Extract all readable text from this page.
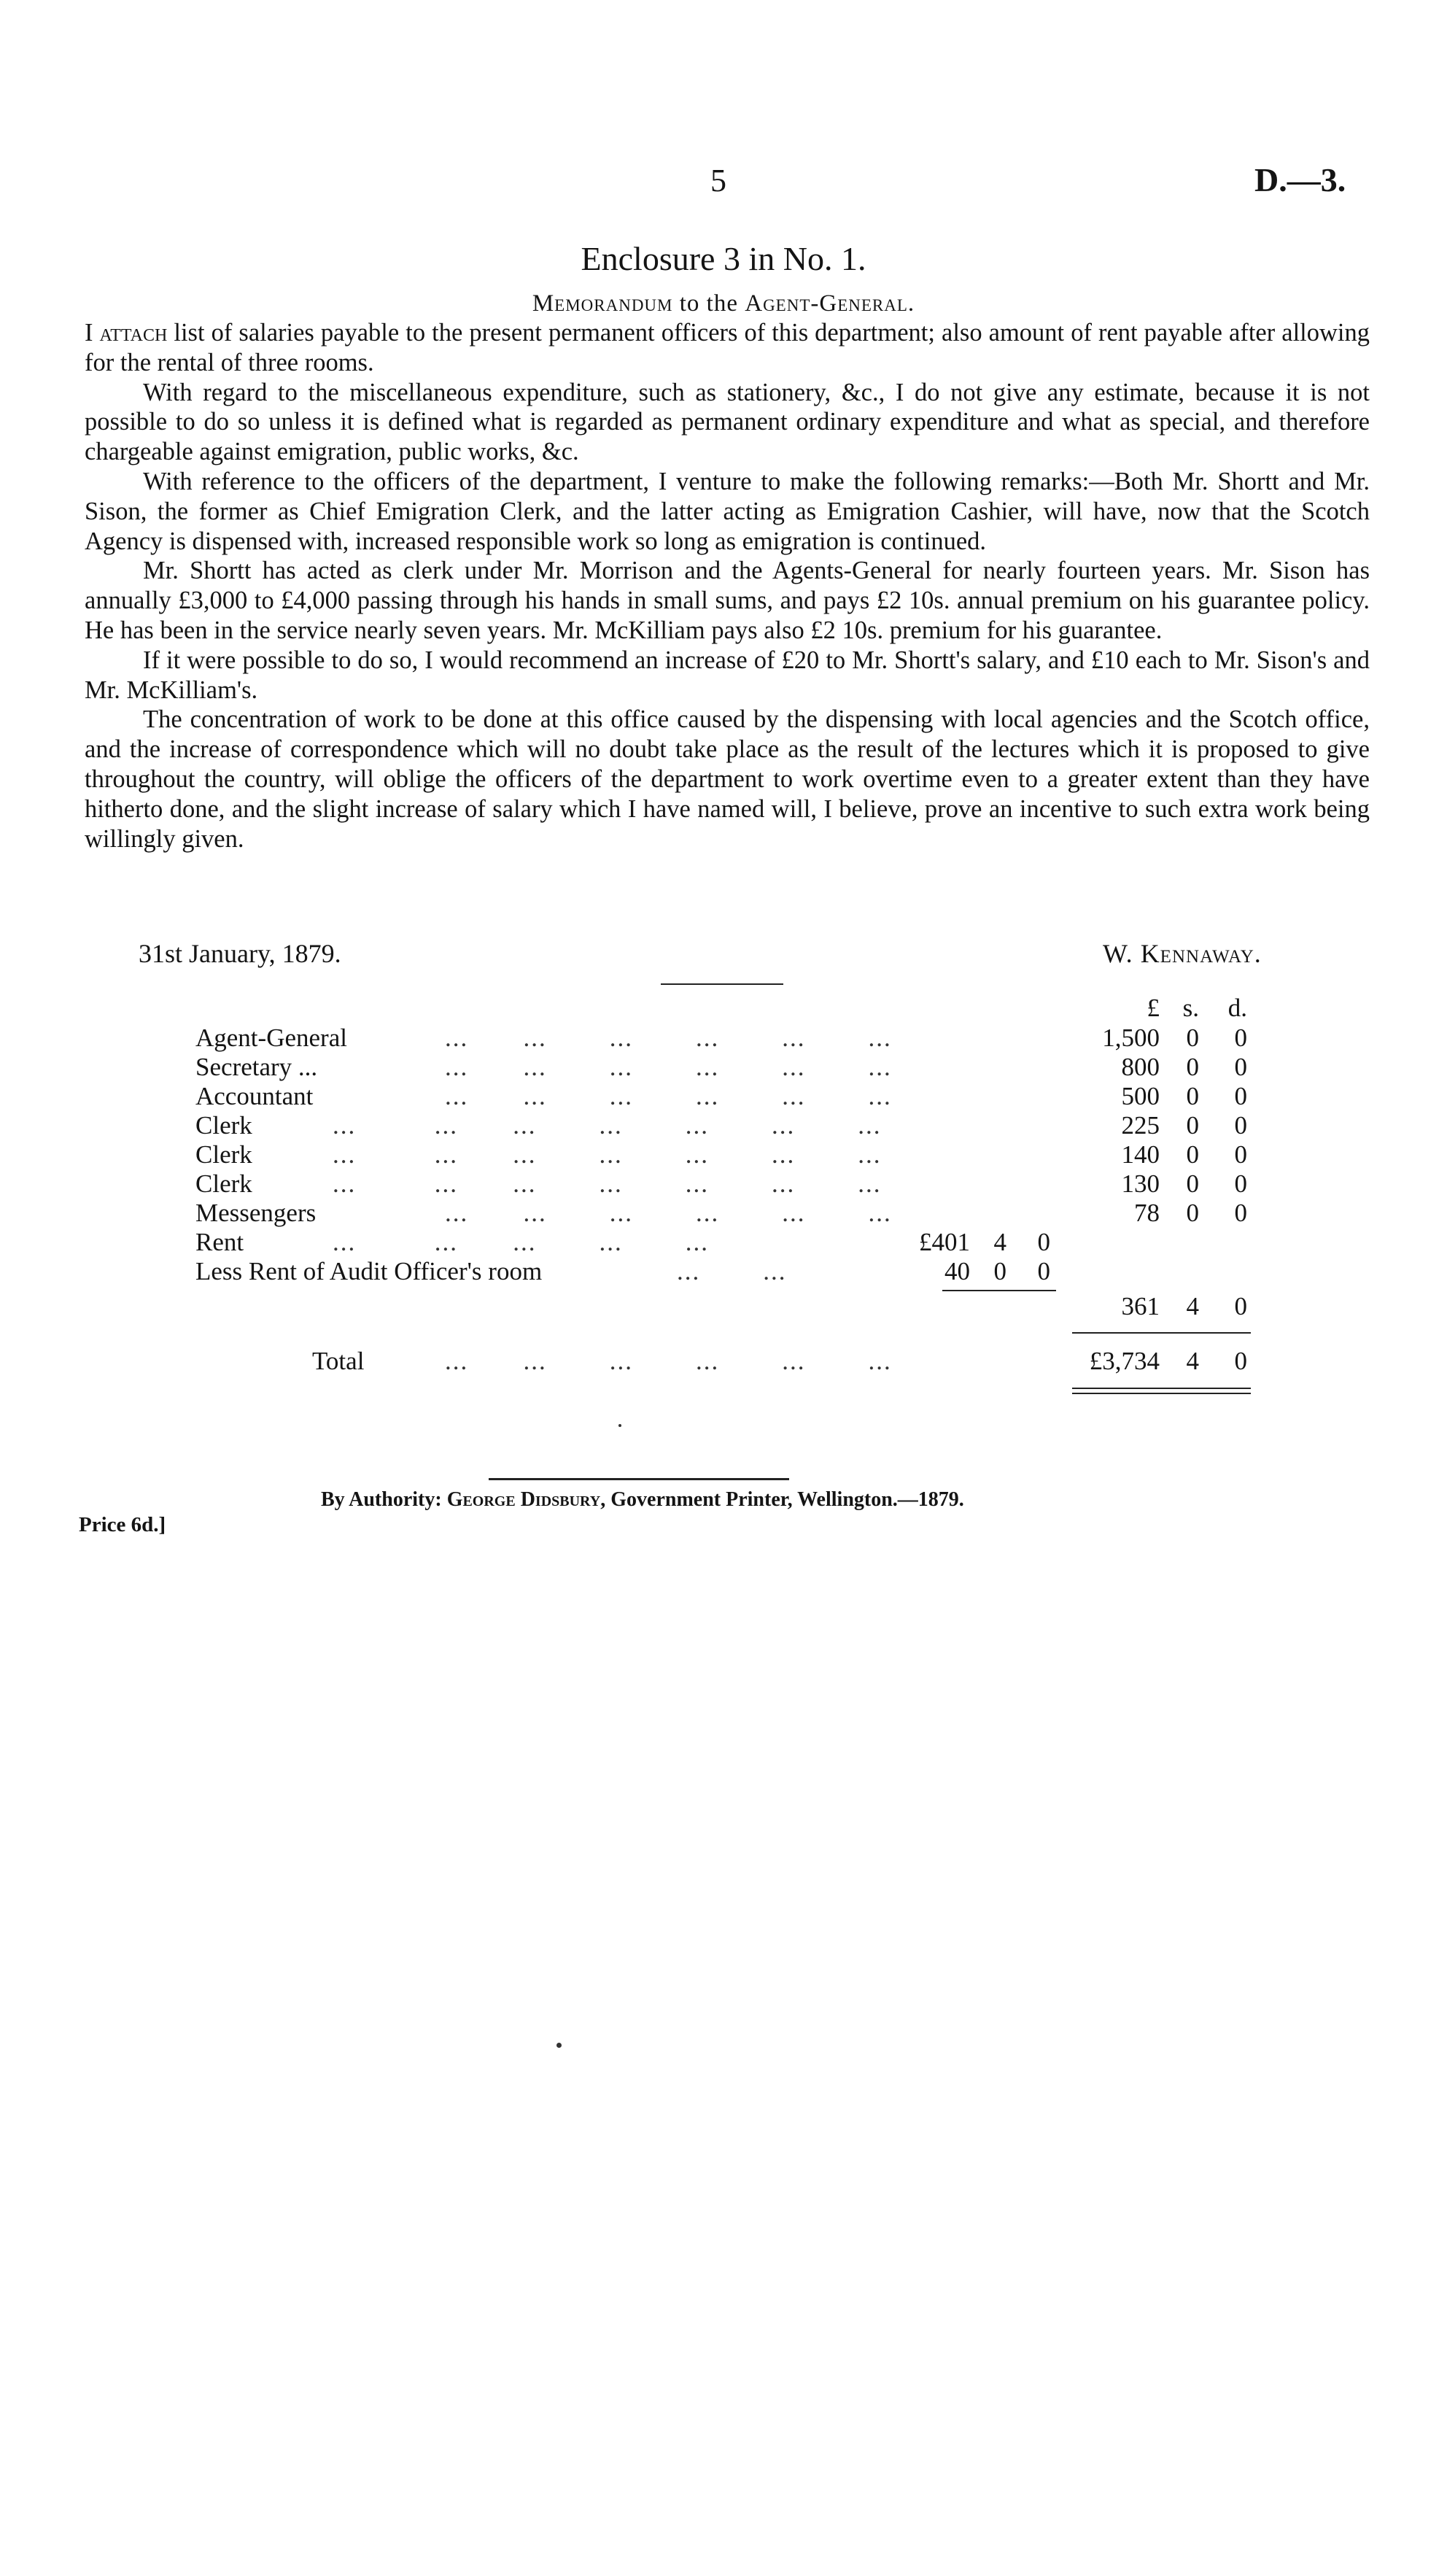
5	D.—3.
Enclosure 3 in No. 1.
Memorandum to the Agent-General.

I attach list of salaries payable to the present permanent officers of this department; also amount of rent payable after allowing for the rental of three rooms.

With regard to the miscellaneous expenditure, such as stationery, &c., I do not give any estimate, because it is not possible to do so unless it is defined what is regarded as permanent ordinary expenditure and what as special, and therefore chargeable against emigration, public works, &c.

With reference to the officers of the department, I venture to make the following remarks:—Both Mr. Shortt and Mr. Sison, the former as Chief Emigration Clerk, and the latter acting as Emigration Cashier, will have, now that the Scotch Agency is dispensed with, increased responsible work so long as emigration is continued.

Mr. Shortt has acted as clerk under Mr. Morrison and the Agents-General for nearly fourteen years. Mr. Sison has annually £3,000 to £4,000 passing through his hands in small sums, and pays £2 10s. annual premium on his guarantee policy. He has been in the service nearly seven years. Mr. McKilliam pays also £2 10s. premium for his guarantee.

If it were possible to do so, I would recommend an increase of £20 to Mr. Shortt's salary, and £10 each to Mr. Sison's and Mr. McKilliam's.

The concentration of work to be done at this office caused by the dispensing with local agencies and the Scotch office, and the increase of correspondence which will no doubt take place as the result of the lectures which it is proposed to give throughout the country, will oblige the officers of the department to work overtime even to a greater extent than they have hitherto done, and the slight increase of salary which I have named will, I believe, prove an incentive to such extra work being willingly given.

31st January, 1879.	W. Kennaway.
£ s.	d.
Agent-General	...       ...        ...        ...        ...        ...	1,500	0	0
Secretary ...	...       ...        ...        ...        ...        ...	800	0	0
Accountant	...       ...        ...        ...        ...        ...	500	0	0
Clerk	...          ...       ...        ...        ...        ...        ...	225	0	0
Clerk	...          ...       ...        ...        ...        ...        ...	140	0	0
Clerk	...          ...       ...        ...        ...        ...        ...	130	0	0
Messengers	...       ...        ...        ...        ...        ...	78	0	0
Rent	...          ...       ...        ...        ...	£401 4	0
Less Rent of Audit Officer's room	...        ...	40 0	0
361	4	0
Total	...       ...        ...        ...        ...        ...	£3,734	4	0
By Authority: George Didsbury, Government Printer, Wellington.—1879.
Price 6d.]
